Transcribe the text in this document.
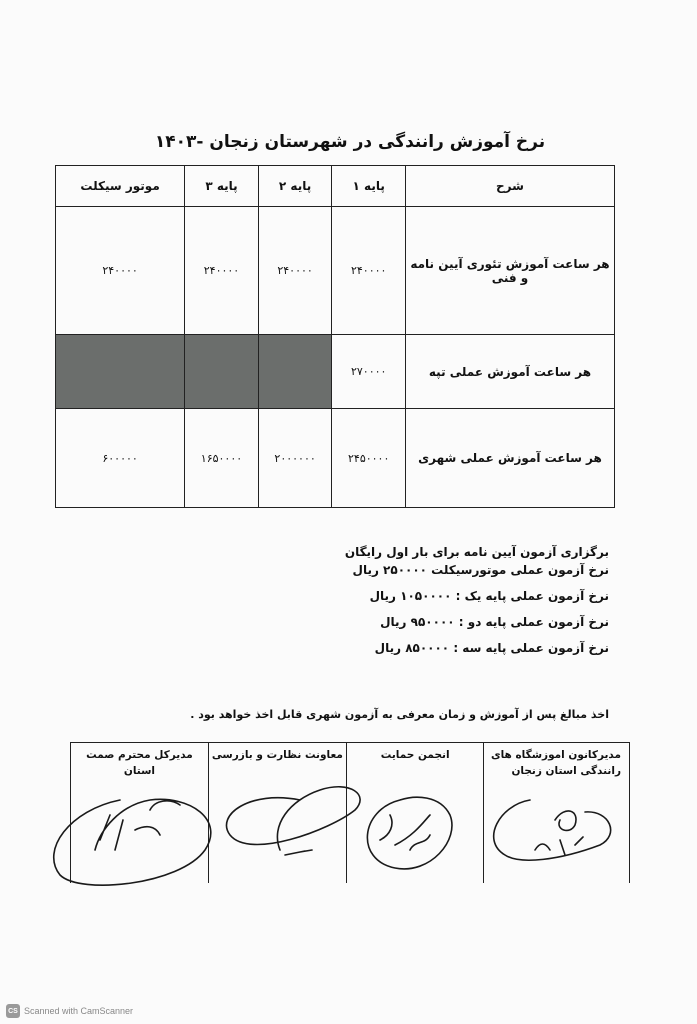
نرخ آموزش رانندگی در شهرستان زنجان -۱۴۰۳
شرح	پایه ۱	پایه ۲	پایه ۳	موتور سیکلت
هر ساعت آموزش تئوری آیین نامه و فنی	۲۴۰۰۰۰	۲۴۰۰۰۰	۲۴۰۰۰۰	۲۴۰۰۰۰
هر ساعت آموزش عملی تپه	۲۷۰۰۰۰			
هر ساعت آموزش عملی شهری	۲۴۵۰۰۰۰	۲۰۰۰۰۰۰	۱۶۵۰۰۰۰	۶۰۰۰۰۰
برگزاری آزمون آیین نامه برای بار اول رایگان
نرخ آزمون عملی موتورسیکلت ۲۵۰۰۰۰ ریال
نرخ آزمون عملی پایه یک : ۱۰۵۰۰۰۰ ریال
نرخ آزمون عملی پایه دو : ۹۵۰۰۰۰ ریال
نرخ آزمون عملی پایه سه : ۸۵۰۰۰۰ ریال
اخذ مبالغ پس از آموزش و زمان معرفی به آزمون شهری قابل اخذ خواهد بود .
مدیرکانون اموزشگاه های رانندگی استان زنجان	انجمن حمایت	معاونت نظارت و بازرسی	مدیرکل محترم صمت استان
CS Scanned with CamScanner
